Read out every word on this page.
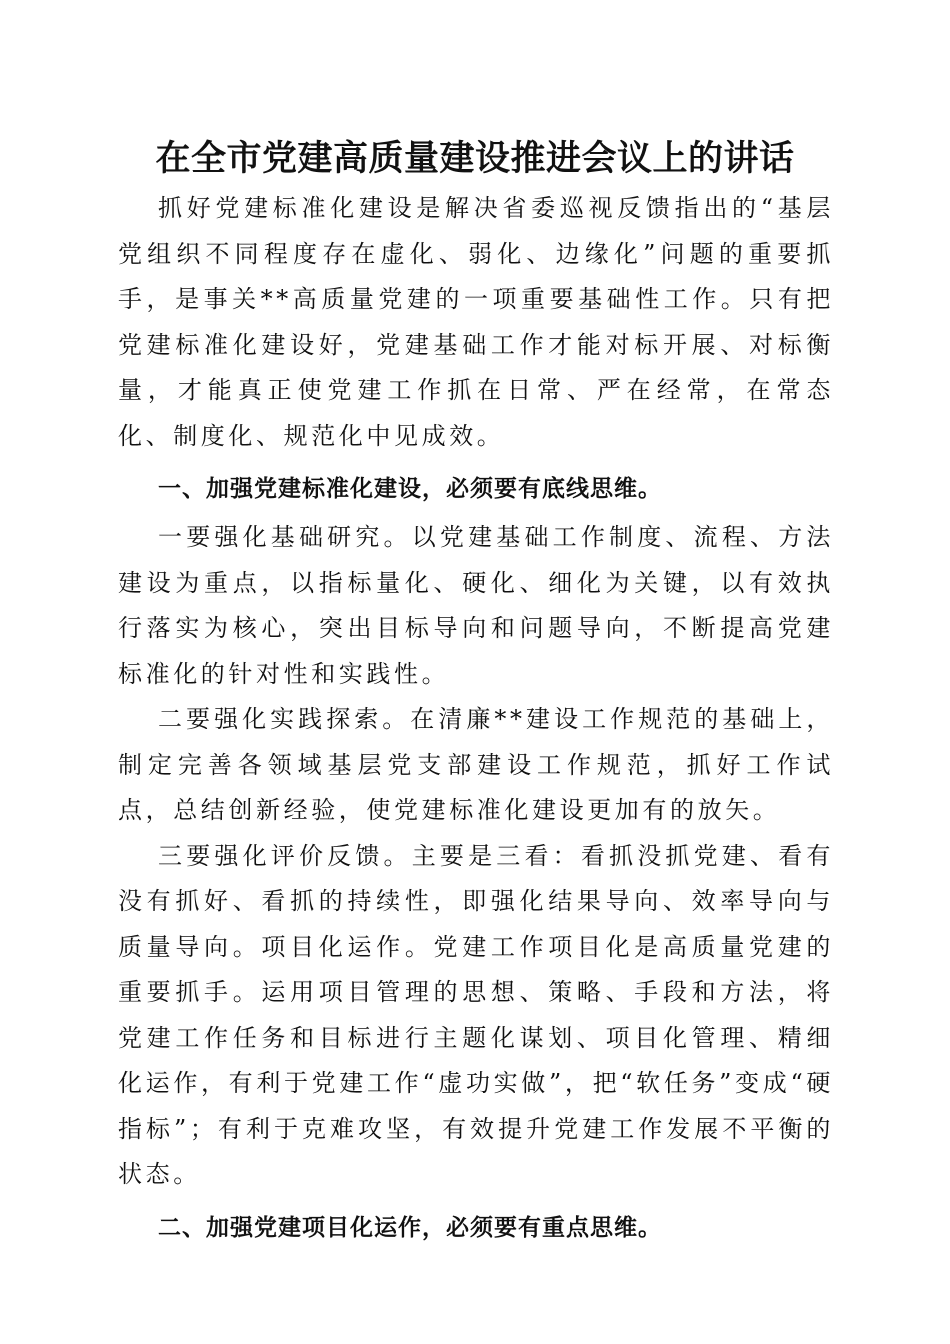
在全市党建高质量建设推进会议上的讲话

抓好党建标准化建设是解决省委巡视反馈指出的“基层党组织不同程度存在虚化、弱化、边缘化”问题的重要抓手，是事关**高质量党建的一项重要基础性工作。只有把党建标准化建设好，党建基础工作才能对标开展、对标衡量，才能真正使党建工作抓在日常、严在经常，在常态化、制度化、规范化中见成效。

一、加强党建标准化建设，必须要有底线思维。

一要强化基础研究。以党建基础工作制度、流程、方法建设为重点，以指标量化、硬化、细化为关键，以有效执行落实为核心，突出目标导向和问题导向，不断提高党建标准化的针对性和实践性。

二要强化实践探索。在清廉**建设工作规范的基础上，制定完善各领域基层党支部建设工作规范，抓好工作试点，总结创新经验，使党建标准化建设更加有的放矢。

三要强化评价反馈。主要是三看：看抓没抓党建、看有没有抓好、看抓的持续性，即强化结果导向、效率导向与质量导向。项目化运作。党建工作项目化是高质量党建的重要抓手。运用项目管理的思想、策略、手段和方法，将党建工作任务和目标进行主题化谋划、项目化管理、精细化运作，有利于党建工作“虚功实做”，把“软任务”变成“硬指标”；有利于克难攻坚，有效提升党建工作发展不平衡的状态。

二、加强党建项目化运作，必须要有重点思维。
